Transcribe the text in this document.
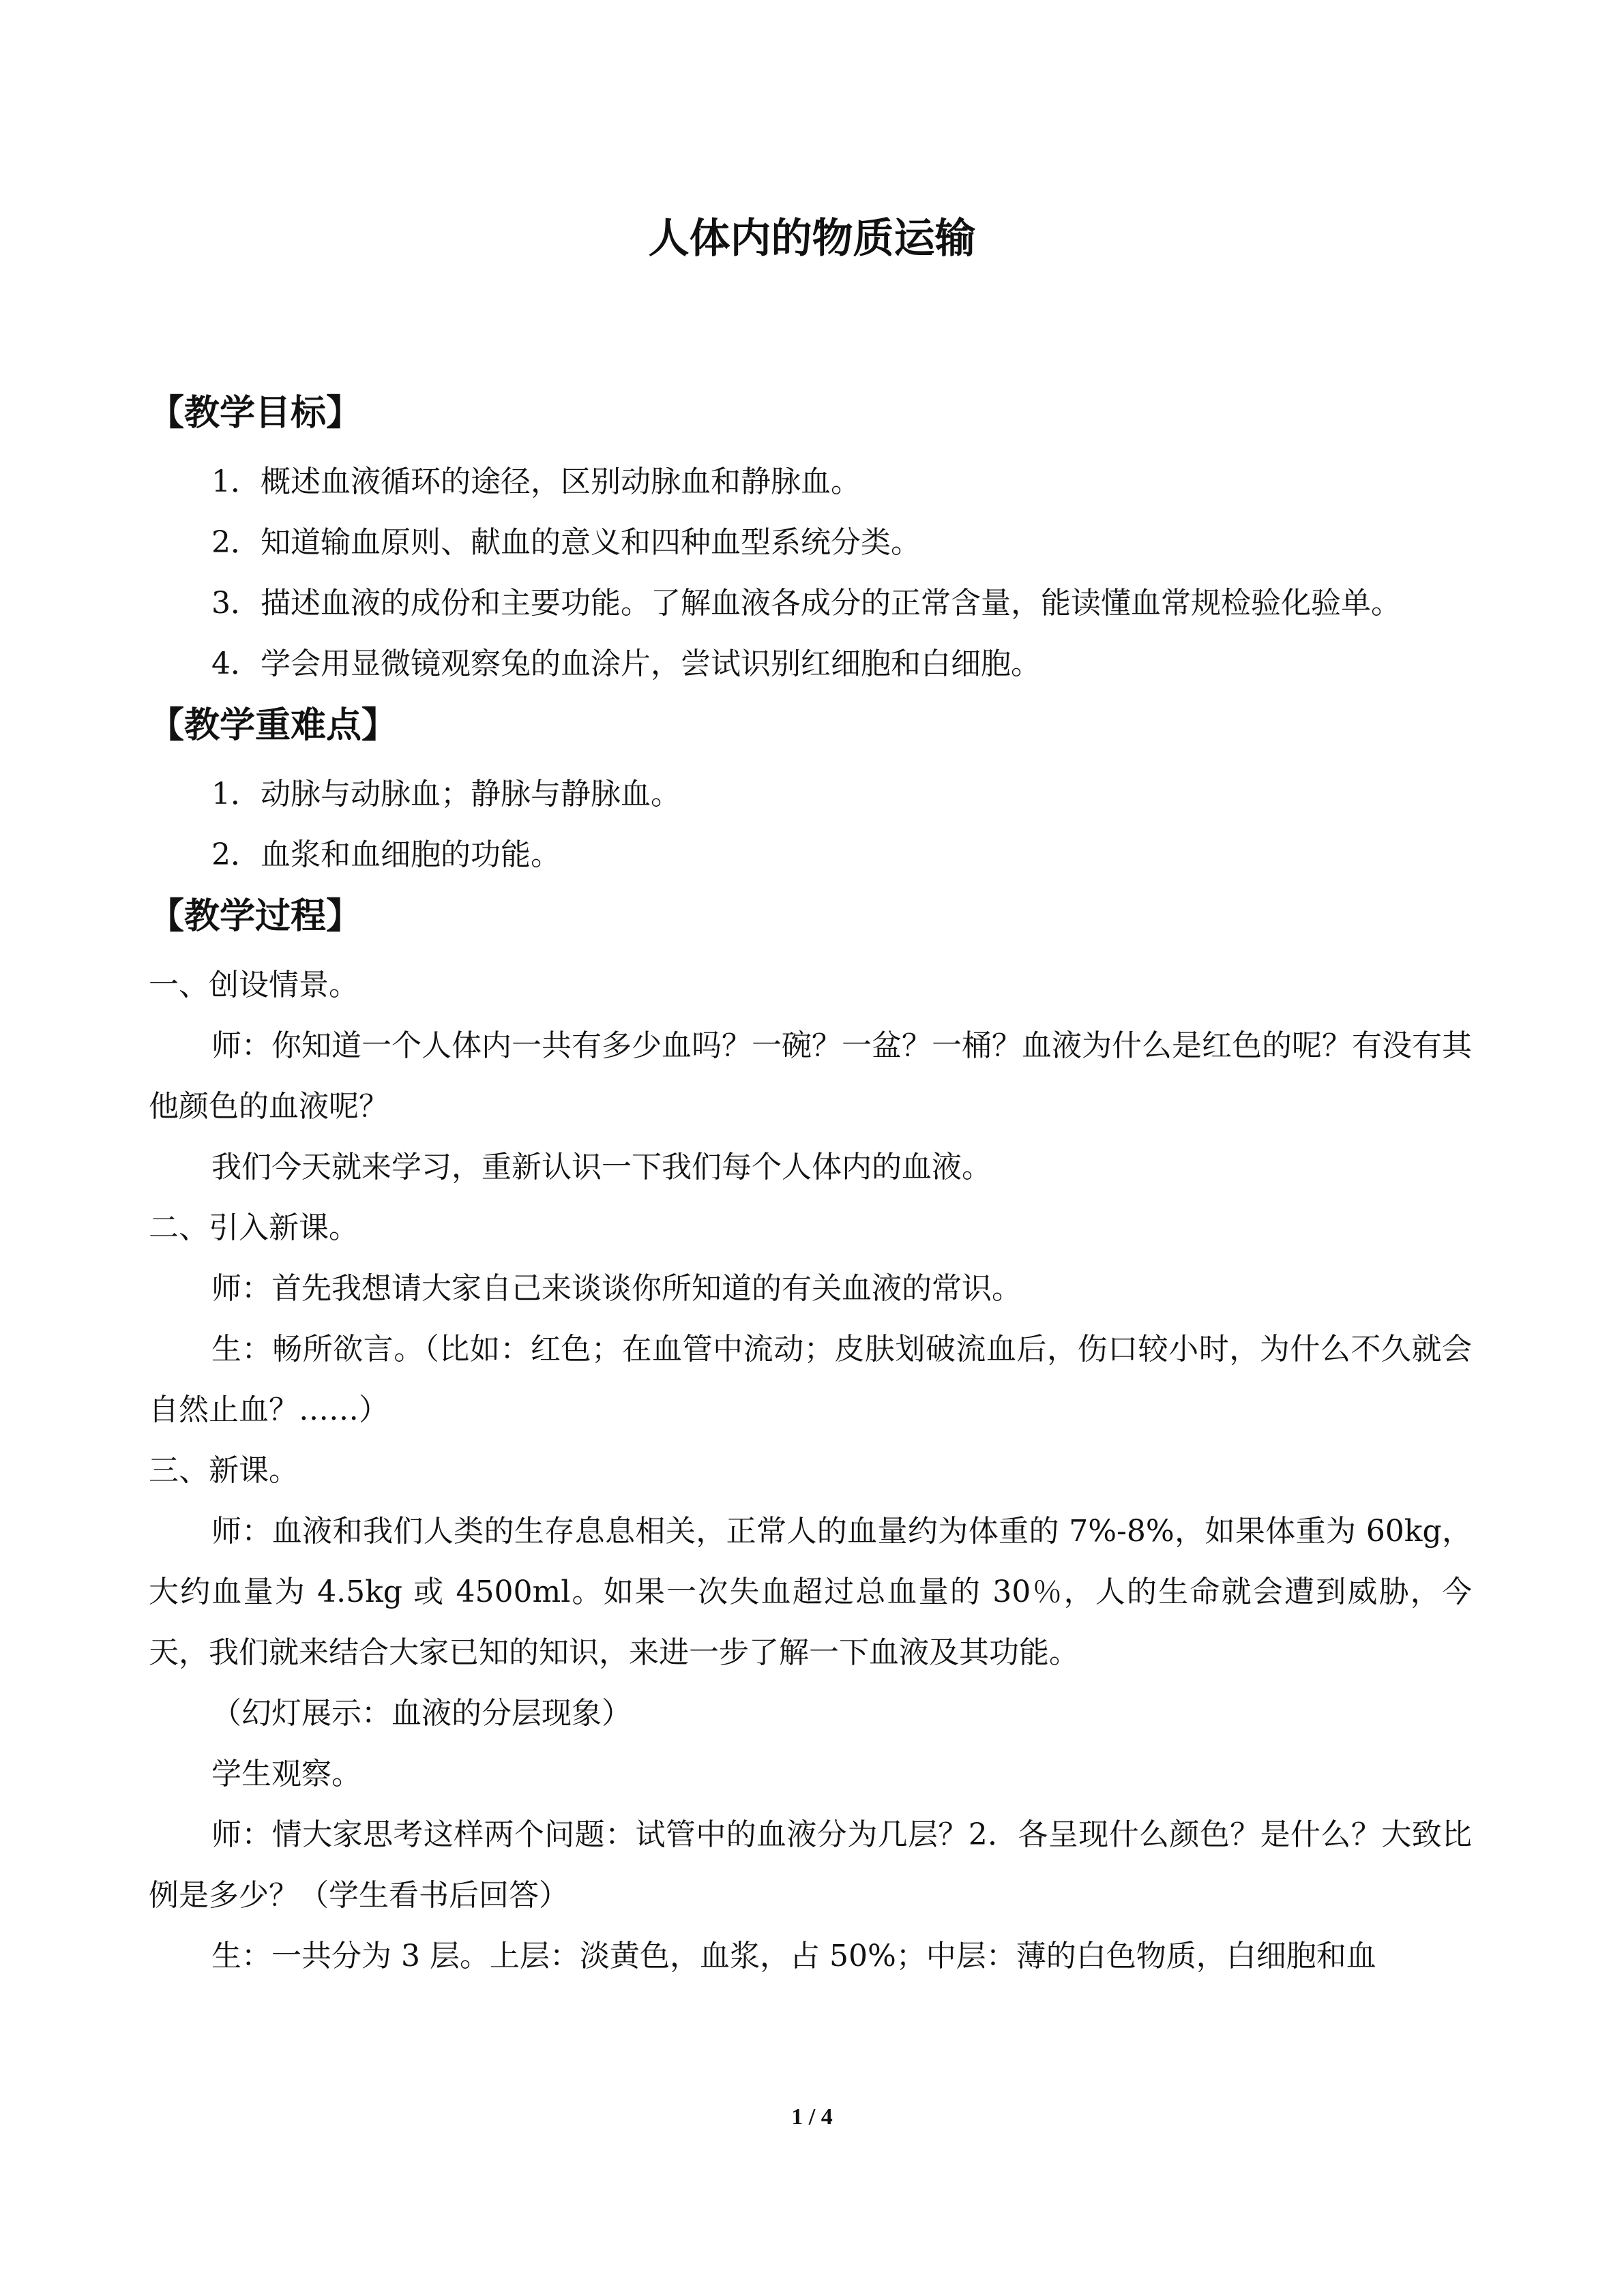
人体内的物质运输
【教学目标】

1．概述血液循环的途径，区别动脉血和静脉血。

2．知道输血原则、献血的意义和四种血型系统分类。

3．描述血液的成份和主要功能。了解血液各成分的正常含量，能读懂血常规检验化验单。

4．学会用显微镜观察兔的血涂片，尝试识别红细胞和白细胞。

【教学重难点】

1．动脉与动脉血；静脉与静脉血。

2．血浆和血细胞的功能。

【教学过程】

一、创设情景。

师：你知道一个人体内一共有多少血吗？一碗？一盆？一桶？血液为什么是红色的呢？有没有其他颜色的血液呢？

我们今天就来学习，重新认识一下我们每个人体内的血液。

二、引入新课。

师：首先我想请大家自己来谈谈你所知道的有关血液的常识。

生：畅所欲言。（比如：红色；在血管中流动；皮肤划破流血后，伤口较小时，为什么不久就会自然止血？……）

三、新课。

师：血液和我们人类的生存息息相关，正常人的血量约为体重的 7%-8%，如果体重为 60kg，大约血量为 4.5kg 或 4500ml。如果一次失血超过总血量的 30％，人的生命就会遭到威胁，今天，我们就来结合大家已知的知识，来进一步了解一下血液及其功能。

（幻灯展示：血液的分层现象）

学生观察。

师：情大家思考这样两个问题：试管中的血液分为几层？2．各呈现什么颜色？是什么？大致比例是多少？（学生看书后回答）

生：一共分为 3 层。上层：淡黄色，血浆，占 50%；中层：薄的白色物质，白细胞和血

1 / 4
